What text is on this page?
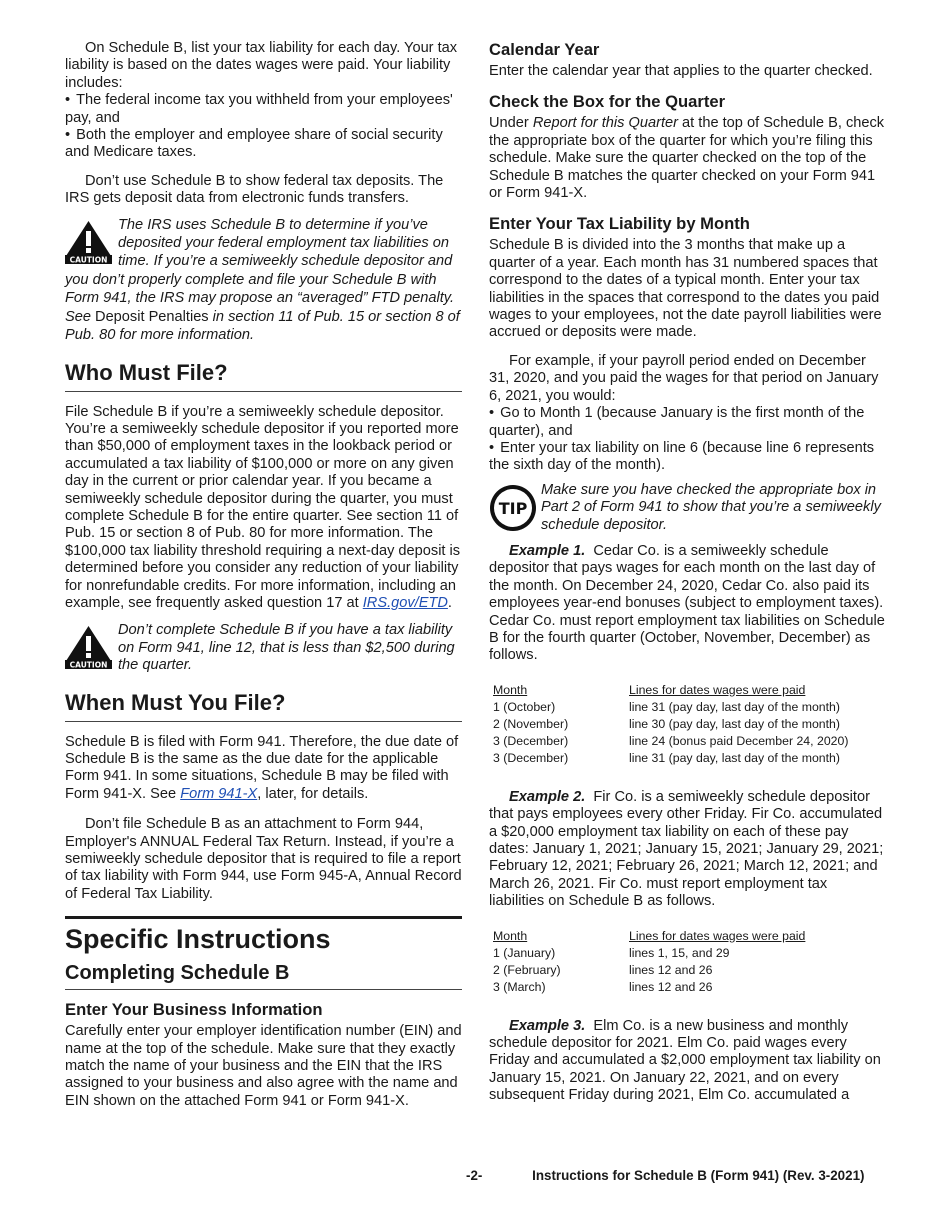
On Schedule B, list your tax liability for each day. Your tax liability is based on the dates wages were paid. Your liability includes:

• The federal income tax you withheld from your employees' pay, and

• Both the employer and employee share of social security and Medicare taxes.

Don’t use Schedule B to show federal tax deposits. The IRS gets deposit data from electronic funds transfers.

CAUTION
The IRS uses Schedule B to determine if you’ve deposited your federal employment tax liabilities on time. If you’re a semiweekly schedule depositor and you don’t properly complete and file your Schedule B with Form 941, the IRS may propose an “averaged” FTD penalty. See Deposit Penalties in section 11 of Pub. 15 or section 8 of Pub. 80 for more information.
Who Must File?

File Schedule B if you’re a semiweekly schedule depositor. You’re a semiweekly schedule depositor if you reported more than $50,000 of employment taxes in the lookback period or accumulated a tax liability of $100,000 or more on any given day in the current or prior calendar year. If you became a semiweekly schedule depositor during the quarter, you must complete Schedule B for the entire quarter. See section 11 of Pub. 15 or section 8 of Pub. 80 for more information. The $100,000 tax liability threshold requiring a next-day deposit is determined before you consider any reduction of your liability for nonrefundable credits. For more information, including an example, see frequently asked question 17 at IRS.gov/ETD.

CAUTION
Don’t complete Schedule B if you have a tax liability on Form 941, line 12, that is less than $2,500 during the quarter.
When Must You File?

Schedule B is filed with Form 941. Therefore, the due date of Schedule B is the same as the due date for the applicable Form 941. In some situations, Schedule B may be filed with Form 941-X. See Form 941-X, later, for details.

Don’t file Schedule B as an attachment to Form 944, Employer's ANNUAL Federal Tax Return. Instead, if you’re a semiweekly schedule depositor that is required to file a report of tax liability with Form 944, use Form 945-A, Annual Record of Federal Tax Liability.

Specific Instructions
Completing Schedule B
Enter Your Business Information

Carefully enter your employer identification number (EIN) and name at the top of the schedule. Make sure that they exactly match the name of your business and the EIN that the IRS assigned to your business and also agree with the name and EIN shown on the attached Form 941 or Form 941-X.

Calendar Year

Enter the calendar year that applies to the quarter checked.

Check the Box for the Quarter

Under Report for this Quarter at the top of Schedule B, check the appropriate box of the quarter for which you’re filing this schedule. Make sure the quarter checked on the top of the Schedule B matches the quarter checked on your Form 941 or Form 941-X.

Enter Your Tax Liability by Month

Schedule B is divided into the 3 months that make up a quarter of a year. Each month has 31 numbered spaces that correspond to the dates of a typical month. Enter your tax liabilities in the spaces that correspond to the dates you paid wages to your employees, not the date payroll liabilities were accrued or deposits were made.

For example, if your payroll period ended on December 31, 2020, and you paid the wages for that period on January 6, 2021, you would:

• Go to Month 1 (because January is the first month of the quarter), and

• Enter your tax liability on line 6 (because line 6 represents the sixth day of the month).

TIP
Make sure you have checked the appropriate box in Part 2 of Form 941 to show that you’re a semiweekly schedule depositor.

Example 1. Cedar Co. is a semiweekly schedule depositor that pays wages for each month on the last day of the month. On December 24, 2020, Cedar Co. also paid its employees year-end bonuses (subject to employment taxes). Cedar Co. must report employment tax liabilities on Schedule B for the fourth quarter (October, November, December) as follows.

Month	Lines for dates wages were paid
1 (October)	line 31 (pay day, last day of the month)
2 (November)	line 30 (pay day, last day of the month)
3 (December)	line 24 (bonus paid December 24, 2020)
3 (December)	line 31 (pay day, last day of the month)

Example 2. Fir Co. is a semiweekly schedule depositor that pays employees every other Friday. Fir Co. accumulated a $20,000 employment tax liability on each of these pay dates: January 1, 2021; January 15, 2021; January 29, 2021; February 12, 2021; February 26, 2021; March 12, 2021; and March 26, 2021. Fir Co. must report employment tax liabilities on Schedule B as follows.

Month	Lines for dates wages were paid
1 (January)	lines 1, 15, and 29
2 (February)	lines 12 and 26
3 (March)	lines 12 and 26

Example 3. Elm Co. is a new business and monthly schedule depositor for 2021. Elm Co. paid wages every Friday and accumulated a $2,000 employment tax liability on January 15, 2021. On January 22, 2021, and on every subsequent Friday during 2021, Elm Co. accumulated a

-2-	Instructions for Schedule B (Form 941) (Rev. 3-2021)
